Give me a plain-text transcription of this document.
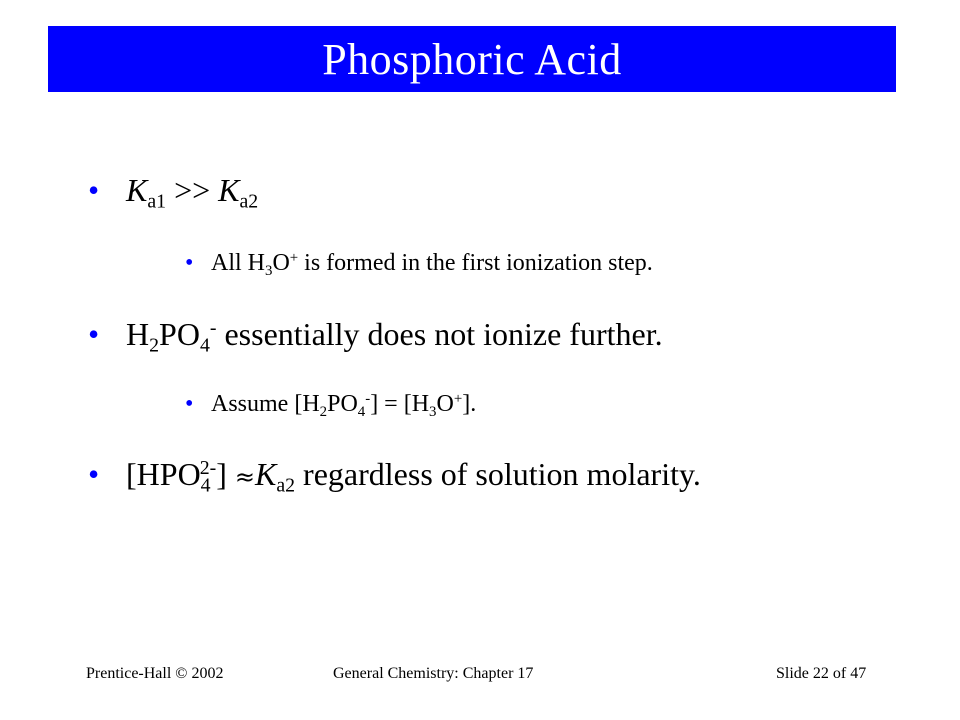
Phosphoric Acid
• $K_{a1} >> K_{a2}$
• All $H_3O^+$ is formed in the first ionization step.
• $H_2PO_4^-$ essentially does not ionize further.
• Assume $[H_2PO_4^-] = [H_3O^+]$.
• $[HPO_4^{2-}] \approx K_{a2}$ regardless of solution molarity.
Prentice-Hall © 2002	General Chemistry: Chapter 17	Slide 22 of 47
